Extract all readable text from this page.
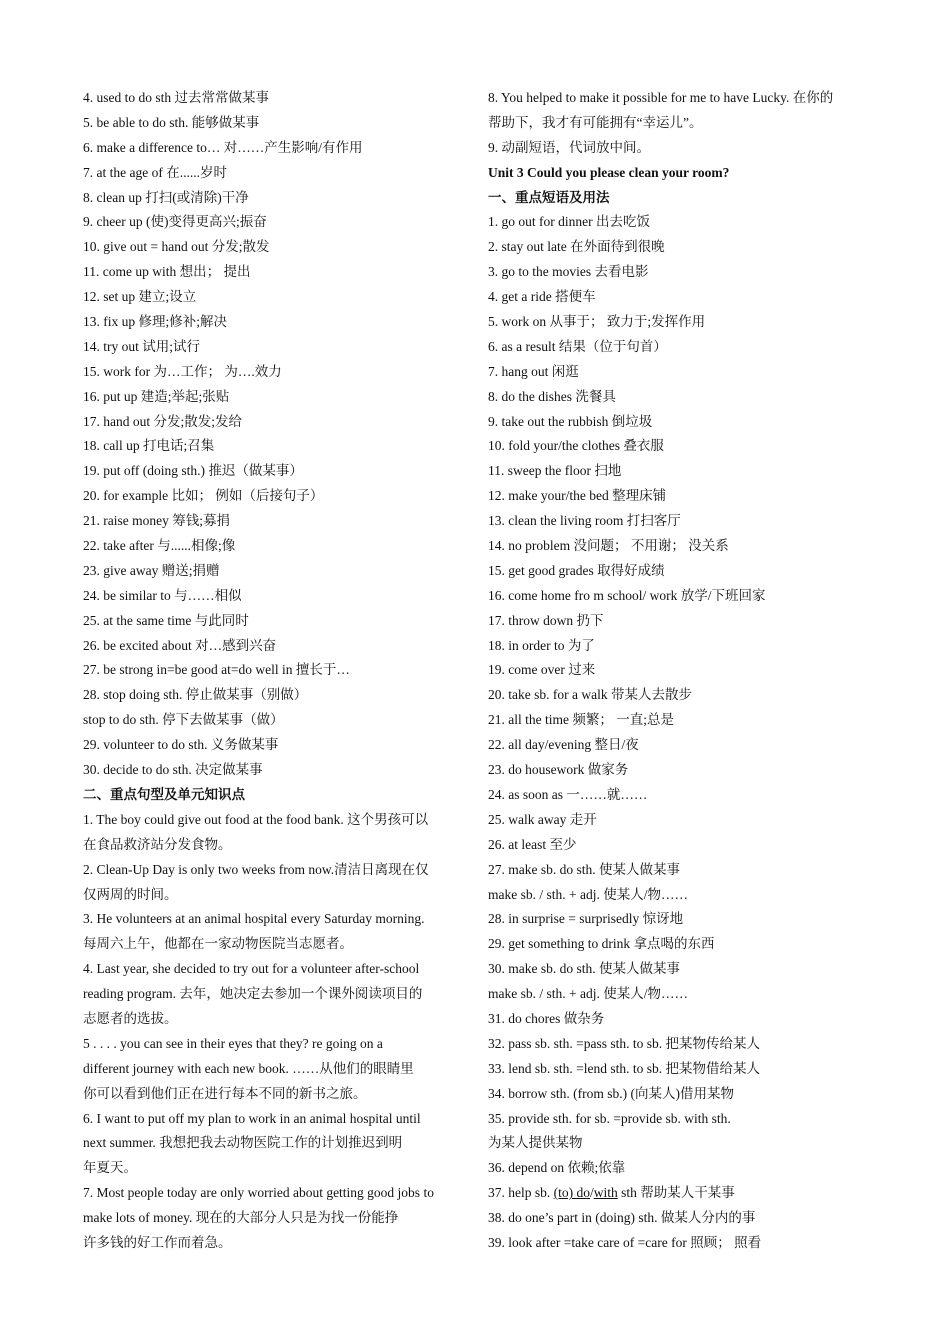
4. used to do sth 过去常常做某事
5. be able to do sth. 能够做某事
6. make a difference to… 对……产生影响/有作用
7. at the age of 在......岁时
8. clean up 打扫(或清除)干净
9. cheer up (使)变得更高兴;振奋
10. give out = hand out 分发;散发
11. come up with 想出； 提出
12. set up 建立;设立
13. fix up 修理;修补;解决
14. try out 试用;试行
15. work for 为…工作； 为….效力
16. put up 建造;举起;张贴
17. hand out 分发;散发;发给
18. call up 打电话;召集
19. put off (doing sth.) 推迟（做某事）
20. for example 比如； 例如（后接句子）
21. raise money 筹钱;募捐
22. take after 与......相像;像
23. give away 赠送;捐赠
24. be similar to 与……相似
25. at the same time 与此同时
26. be excited about 对…感到兴奋
27. be strong in=be good at=do well in 擅长于…
28. stop doing sth. 停止做某事（别做）
stop to do sth. 停下去做某事（做）
29. volunteer to do sth. 义务做某事
30. decide to do sth. 决定做某事
二、重点句型及单元知识点
1. The boy could give out food at the food bank. 这个男孩可以
在食品救济站分发食物。
2. Clean-Up Day is only two weeks from now.清洁日离现在仅
仅两周的时间。
3. He volunteers at an animal hospital every Saturday morning.
每周六上午，他都在一家动物医院当志愿者。
4. Last year, she decided to try out for a volunteer after-school
reading program. 去年，她决定去参加一个课外阅读项目的
志愿者的选拔。
5 . . . . you can see in their eyes that they? re going on a
different journey with each new book. ……从他们的眼睛里
你可以看到他们正在进行每本不同的新书之旅。
6. I want to put off my plan to work in an animal hospital until
next summer. 我想把我去动物医院工作的计划推迟到明
年夏天。
7. Most people today are only worried about getting good jobs to
make lots of money. 现在的大部分人只是为找一份能挣
许多钱的好工作而着急。
8. You helped to make it possible for me to have Lucky. 在你的
帮助下，我才有可能拥有“幸运儿”。
9. 动副短语，代词放中间。
Unit 3 Could you please clean your room?
一、重点短语及用法
1. go out for dinner 出去吃饭
2. stay out late 在外面待到很晚
3. go to the movies 去看电影
4. get a ride 搭便车
5. work on 从事于； 致力于;发挥作用
6. as a result 结果（位于句首）
7. hang out 闲逛
8. do the dishes 洗餐具
9. take out the rubbish 倒垃圾
10. fold your/the clothes 叠衣服
11. sweep the floor 扫地
12. make your/the bed 整理床铺
13. clean the living room 打扫客厅
14. no problem 没问题； 不用谢； 没关系
15. get good grades 取得好成绩
16. come home fro m school/ work 放学/下班回家
17. throw down 扔下
18. in order to 为了
19. come over 过来
20. take sb. for a walk 带某人去散步
21. all the time 频繁； 一直;总是
22. all day/evening 整日/夜
23. do housework 做家务
24. as soon as 一……就……
25. walk away 走开
26. at least 至少
27. make sb. do sth. 使某人做某事
make sb. / sth. + adj. 使某人/物……
28. in surprise = surprisedly 惊讶地
29. get something to drink 拿点喝的东西
30. make sb. do sth. 使某人做某事
make sb. / sth. + adj. 使某人/物……
31. do chores 做杂务
32. pass sb. sth. =pass sth. to sb. 把某物传给某人
33. lend sb. sth. =lend sth. to sb. 把某物借给某人
34. borrow sth. (from sb.) (向某人)借用某物
35. provide sth. for sb. =provide sb. with sth.
为某人提供某物
36. depend on 依赖;依靠
37. help sb. (to) do/with sth 帮助某人干某事
38. do one’s part in (doing) sth. 做某人分内的事
39. look after =take care of =care for 照顾； 照看
